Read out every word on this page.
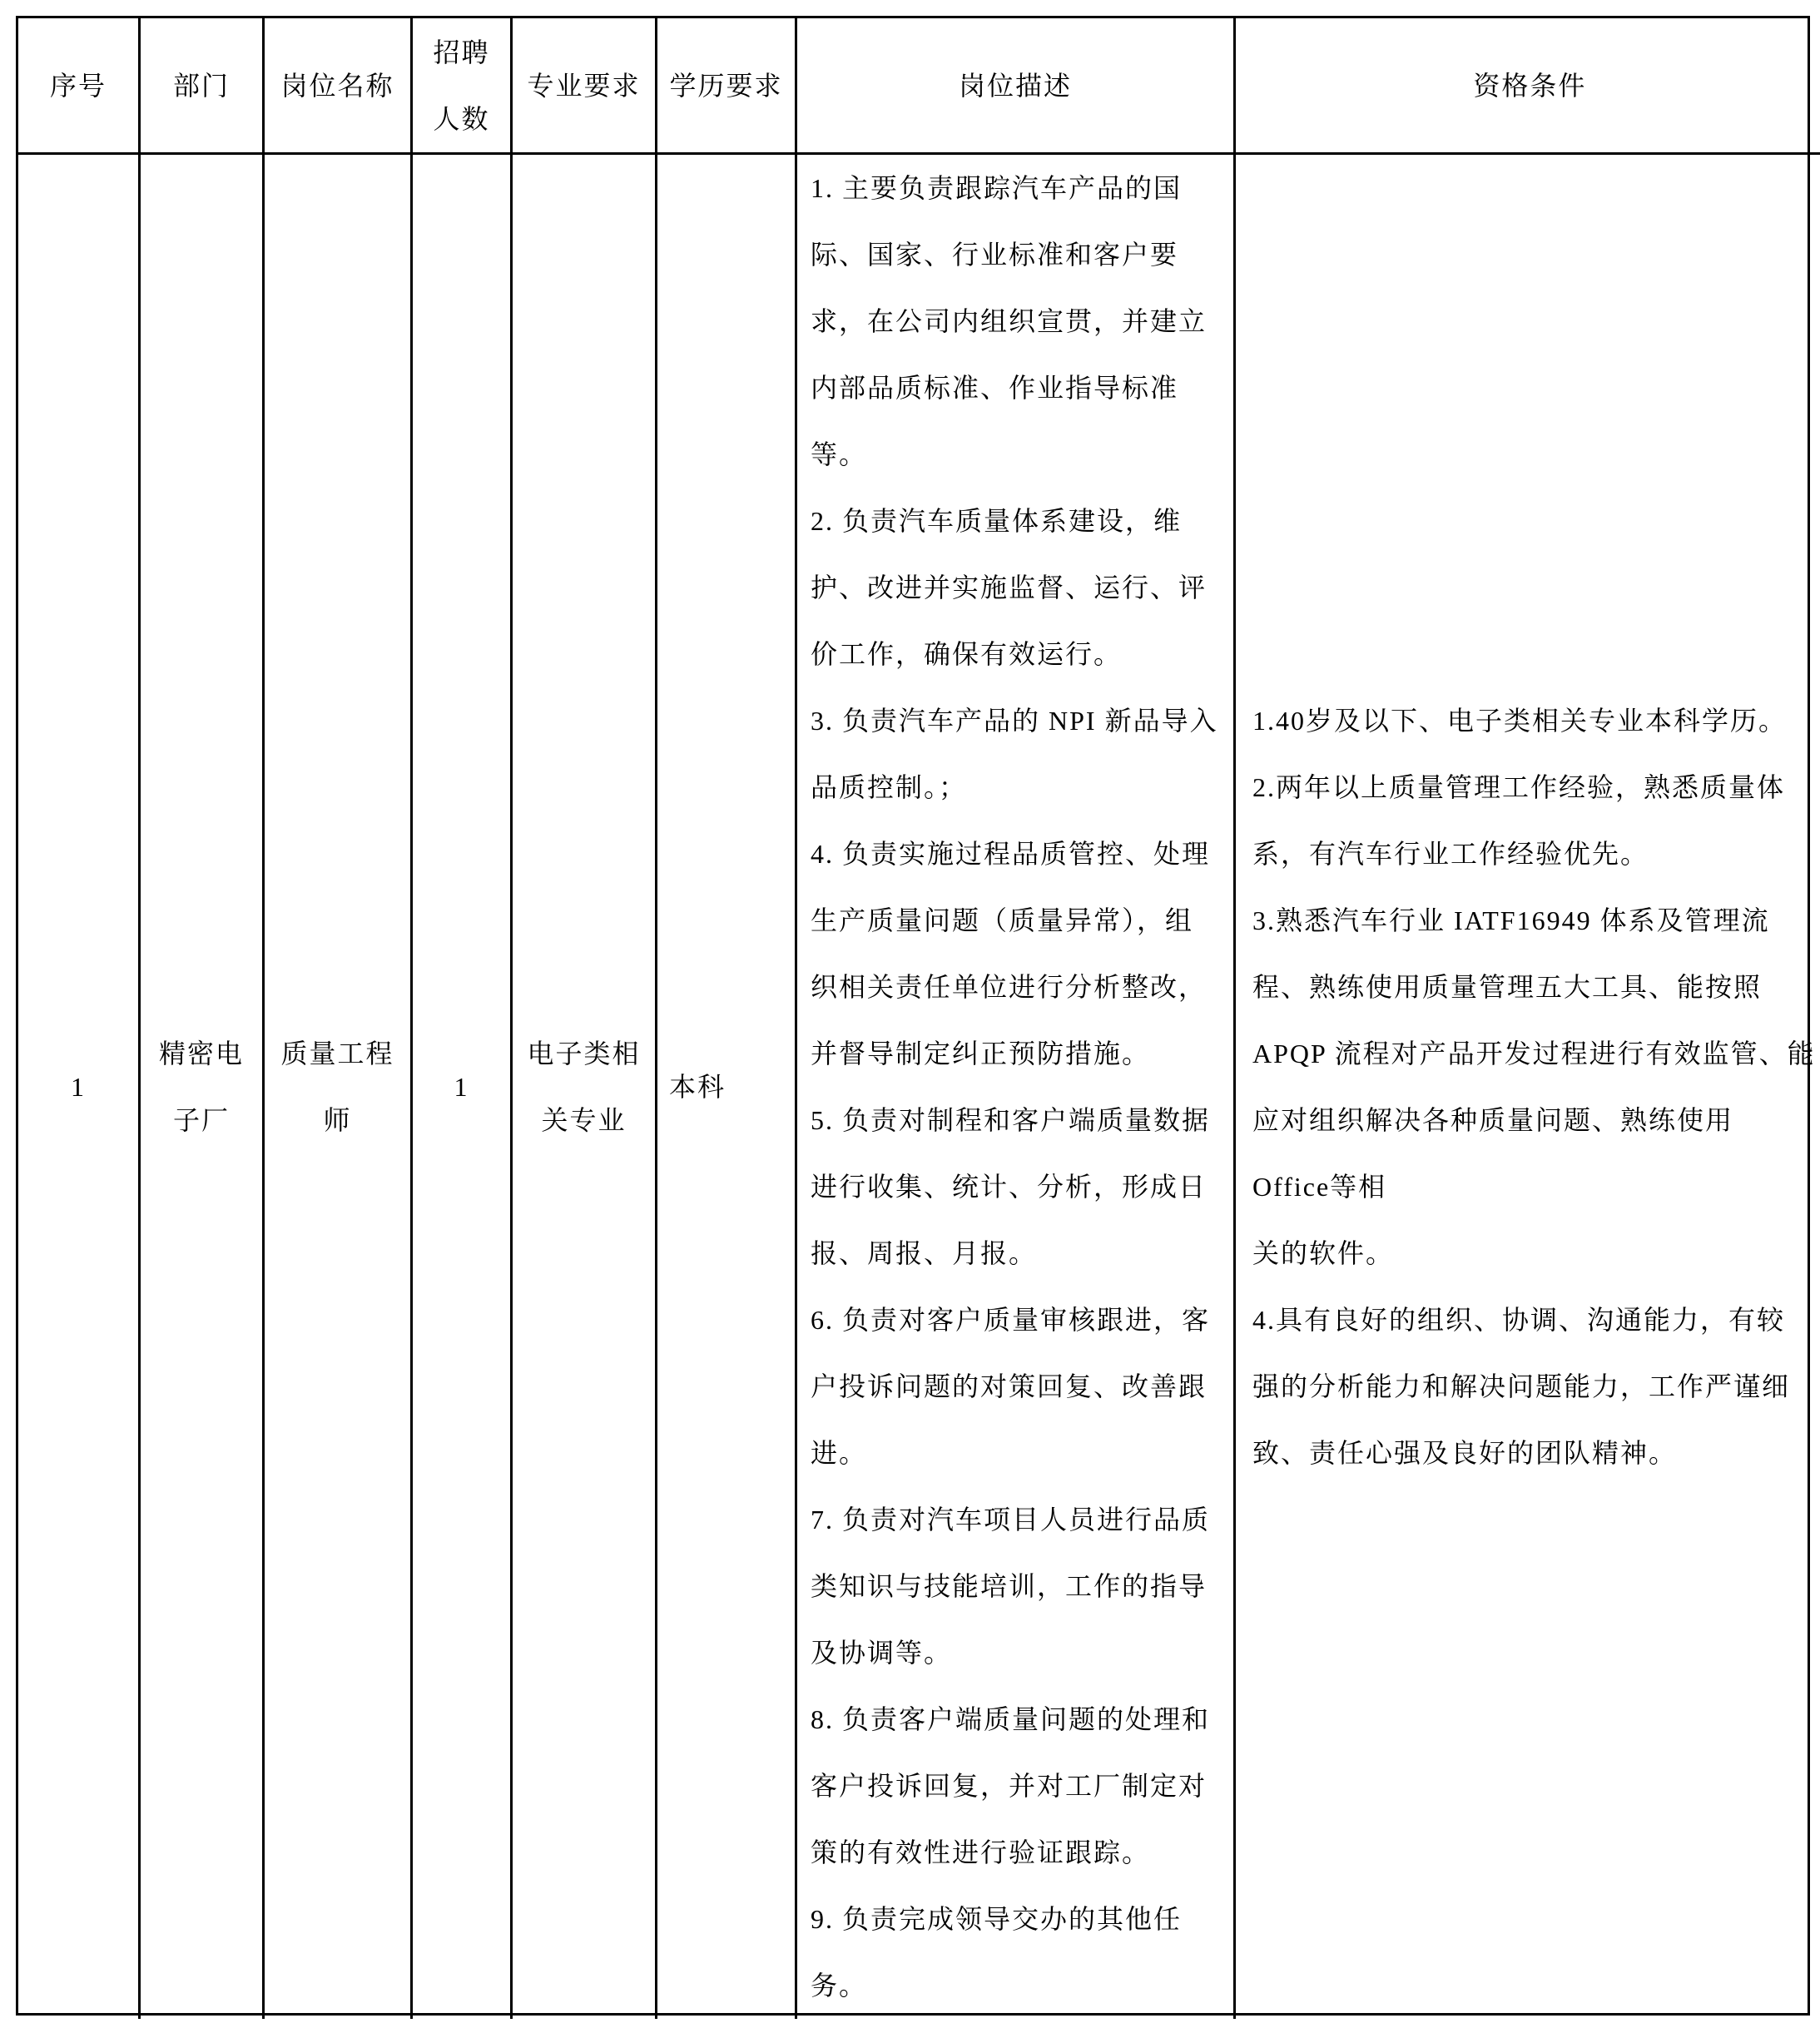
序号 部门 岗位名称
招聘
人数
专业要求 学历要求	岗位描述	资格条件
1
精密电
子厂
质量工程
师
1
电子类相
关专业
本科
1. 主要负责跟踪汽车产品的国
际、国家、行业标准和客户要
求，在公司内组织宣贯，并建立
内部品质标准、作业指导标准
等。
2. 负责汽车质量体系建设，维
护、改进并实施监督、运行、评
价工作，确保有效运行。
3. 负责汽车产品的 NPI 新品导入
品质控制。；
4. 负责实施过程品质管控、处理
生产质量问题（质量异常），组
织相关责任单位进行分析整改，
并督导制定纠正预防措施。
5. 负责对制程和客户端质量数据
进行收集、统计、分析，形成日
报、周报、月报。
6. 负责对客户质量审核跟进，客
户投诉问题的对策回复、改善跟
进。
7. 负责对汽车项目人员进行品质
类知识与技能培训，工作的指导
及协调等。
8. 负责客户端质量问题的处理和
客户投诉回复，并对工厂制定对
策的有效性进行验证跟踪。
9. 负责完成领导交办的其他任
务。
1.40岁及以下、电子类相关专业本科学历。
2.两年以上质量管理工作经验，熟悉质量体
系，有汽车行业工作经验优先。
3.熟悉汽车行业 IATF16949 体系及管理流
程、熟练使用质量管理五大工具、能按照
APQP 流程对产品开发过程进行有效监管、能
应对组织解决各种质量问题、熟练使用
Office等相
关的软件。
4.具有良好的组织、协调、沟通能力，有较
强的分析能力和解决问题能力，工作严谨细
致、责任心强及良好的团队精神。
